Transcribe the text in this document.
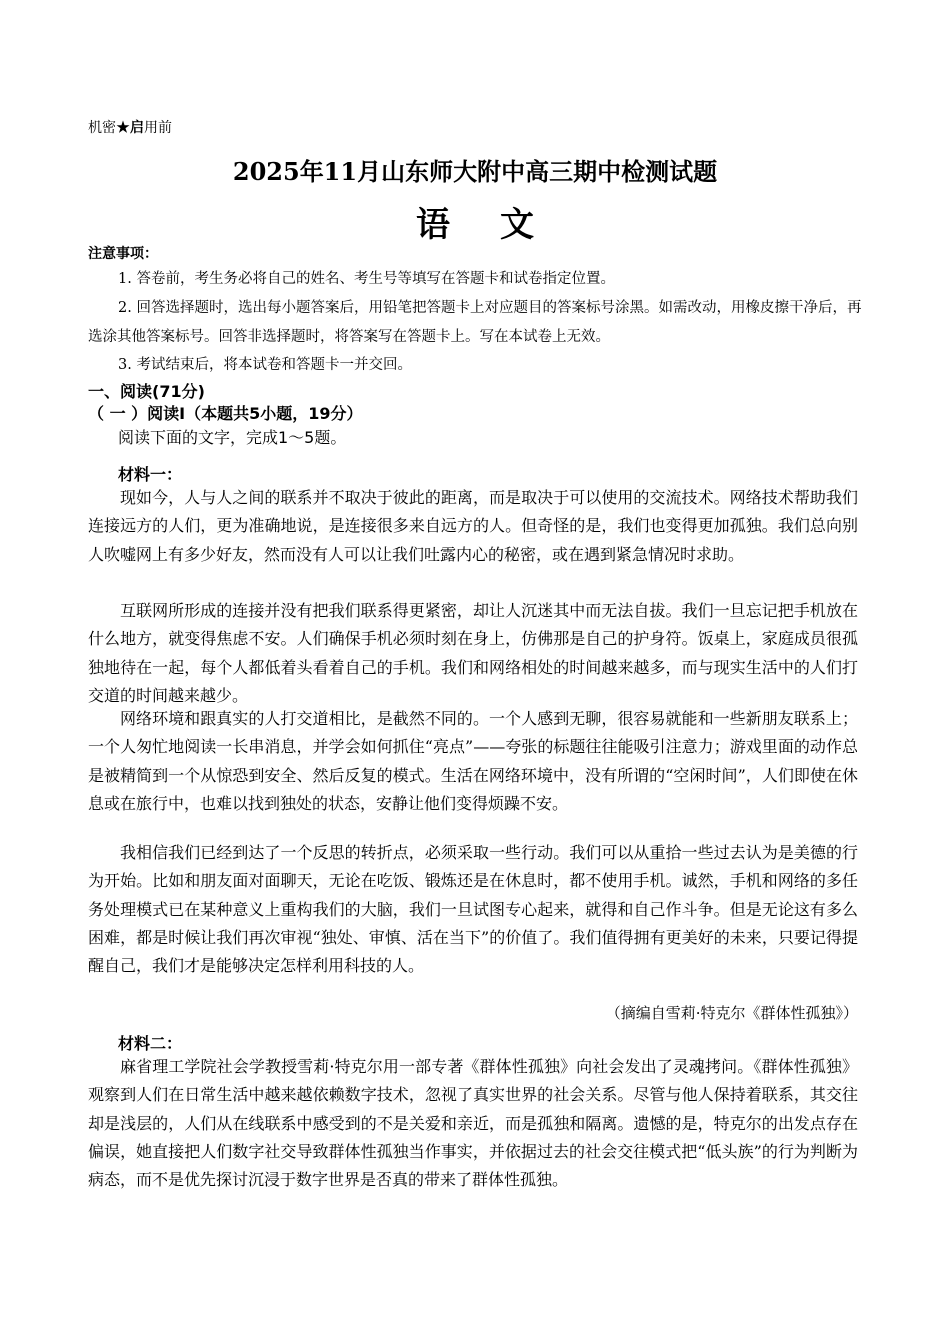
机密★启用前
2025年11月山东师大附中高三期中检测试题
语文
注意事项：
1. 答卷前，考生务必将自己的姓名、考生号等填写在答题卡和试卷指定位置。
2. 回答选择题时，选出每小题答案后，用铅笔把答题卡上对应题目的答案标号涂黑。如需改动，用橡皮擦干净后，再选涂其他答案标号。回答非选择题时，将答案写在答题卡上。写在本试卷上无效。
3. 考试结束后，将本试卷和答题卡一并交回。
一、阅读(71分)
（ 一 ）阅读Ⅰ（本题共5小题，19分）
阅读下面的文字，完成1～5题。
材料一：
现如今，人与人之间的联系并不取决于彼此的距离，而是取决于可以使用的交流技术。网络技术帮助我们连接远方的人们，更为准确地说，是连接很多来自远方的人。但奇怪的是，我们也变得更加孤独。我们总向别人吹嘘网上有多少好友，然而没有人可以让我们吐露内心的秘密，或在遇到紧急情况时求助。
互联网所形成的连接并没有把我们联系得更紧密，却让人沉迷其中而无法自拔。我们一旦忘记把手机放在什么地方，就变得焦虑不安。人们确保手机必须时刻在身上，仿佛那是自己的护身符。饭桌上，家庭成员很孤独地待在一起，每个人都低着头看着自己的手机。我们和网络相处的时间越来越多，而与现实生活中的人们打交道的时间越来越少。
网络环境和跟真实的人打交道相比，是截然不同的。一个人感到无聊，很容易就能和一些新朋友联系上；一个人匆忙地阅读一长串消息，并学会如何抓住“亮点”——夸张的标题往往能吸引注意力；游戏里面的动作总是被精简到一个从惊恐到安全、然后反复的模式。生活在网络环境中，没有所谓的“空闲时间”，人们即使在休息或在旅行中，也难以找到独处的状态，安静让他们变得烦躁不安。
我相信我们已经到达了一个反思的转折点，必须采取一些行动。我们可以从重拾一些过去认为是美德的行为开始。比如和朋友面对面聊天，无论在吃饭、锻炼还是在休息时，都不使用手机。诚然，手机和网络的多任务处理模式已在某种意义上重构我们的大脑，我们一旦试图专心起来，就得和自己作斗争。但是无论这有多么困难，都是时候让我们再次审视“独处、审慎、活在当下”的价值了。我们值得拥有更美好的未来，只要记得提醒自己，我们才是能够决定怎样利用科技的人。
（摘编自雪莉·特克尔《群体性孤独》）
材料二：
麻省理工学院社会学教授雪莉·特克尔用一部专著《群体性孤独》向社会发出了灵魂拷问。《群体性孤独》观察到人们在日常生活中越来越依赖数字技术，忽视了真实世界的社会关系。尽管与他人保持着联系，其交往却是浅层的，人们从在线联系中感受到的不是关爱和亲近，而是孤独和隔离。遗憾的是，特克尔的出发点存在偏误，她直接把人们数字社交导致群体性孤独当作事实，并依据过去的社会交往模式把“低头族”的行为判断为病态，而不是优先探讨沉浸于数字世界是否真的带来了群体性孤独。
